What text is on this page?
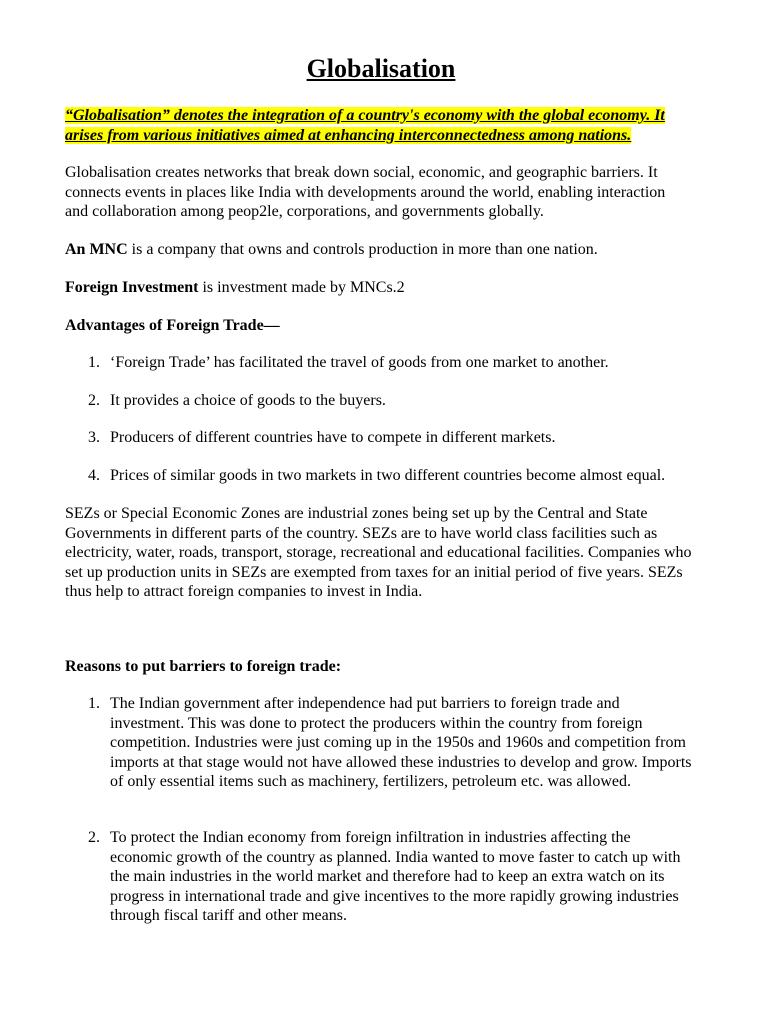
Globalisation

“Globalisation” denotes the integration of a country's economy with the global economy. It
arises from various initiatives aimed at enhancing interconnectedness among nations.

Globalisation creates networks that break down social, economic, and geographic barriers. It connects events in places like India with developments around the world, enabling interaction and collaboration among peop2le, corporations, and governments globally.

An MNC is a company that owns and controls production in more than one nation.

Foreign Investment is investment made by MNCs.2

Advantages of Foreign Trade—

1. ‘Foreign Trade’ has facilitated the travel of goods from one market to another.
2. It provides a choice of goods to the buyers.
3. Producers of different countries have to compete in different markets.
4. Prices of similar goods in two markets in two different countries become almost equal.

SEZs or Special Economic Zones are industrial zones being set up by the Central and State Governments in different parts of the country. SEZs are to have world class facilities such as electricity, water, roads, transport, storage, recreational and educational facilities. Companies who set up production units in SEZs are exempted from taxes for an initial period of five years. SEZs thus help to attract foreign companies to invest in India.

Reasons to put barriers to foreign trade:

1. The Indian government after independence had put barriers to foreign trade and investment. This was done to protect the producers within the country from foreign competition. Industries were just coming up in the 1950s and 1960s and competition from imports at that stage would not have allowed these industries to develop and grow. Imports of only essential items such as machinery, fertilizers, petroleum etc. was allowed.
2. To protect the Indian economy from foreign infiltration in industries affecting the economic growth of the country as planned. India wanted to move faster to catch up with the main industries in the world market and therefore had to keep an extra watch on its progress in international trade and give incentives to the more rapidly growing industries through fiscal tariff and other means.
